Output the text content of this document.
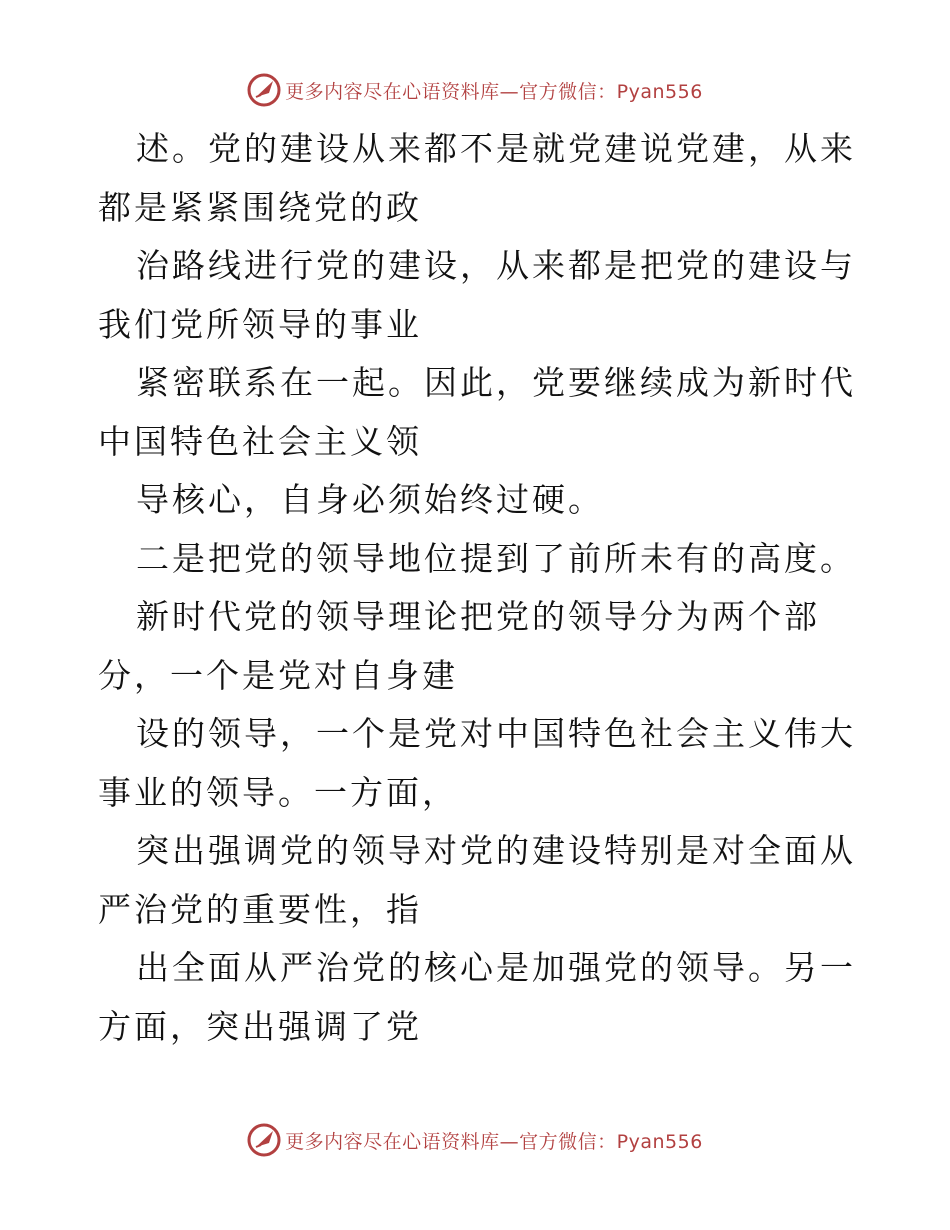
更多内容尽在心语资料库—官方微信：Pyan556

述。党的建设从来都不是就党建说党建，从来都是紧紧围绕党的政

治路线进行党的建设，从来都是把党的建设与我们党所领导的事业

紧密联系在一起。因此，党要继续成为新时代中国特色社会主义领

导核心，自身必须始终过硬。

二是把党的领导地位提到了前所未有的高度。

新时代党的领导理论把党的领导分为两个部分，一个是党对自身建

设的领导，一个是党对中国特色社会主义伟大事业的领导。一方面，

突出强调党的领导对党的建设特别是对全面从严治党的重要性，指

出全面从严治党的核心是加强党的领导。另一方面，突出强调了党

更多内容尽在心语资料库—官方微信：Pyan556
